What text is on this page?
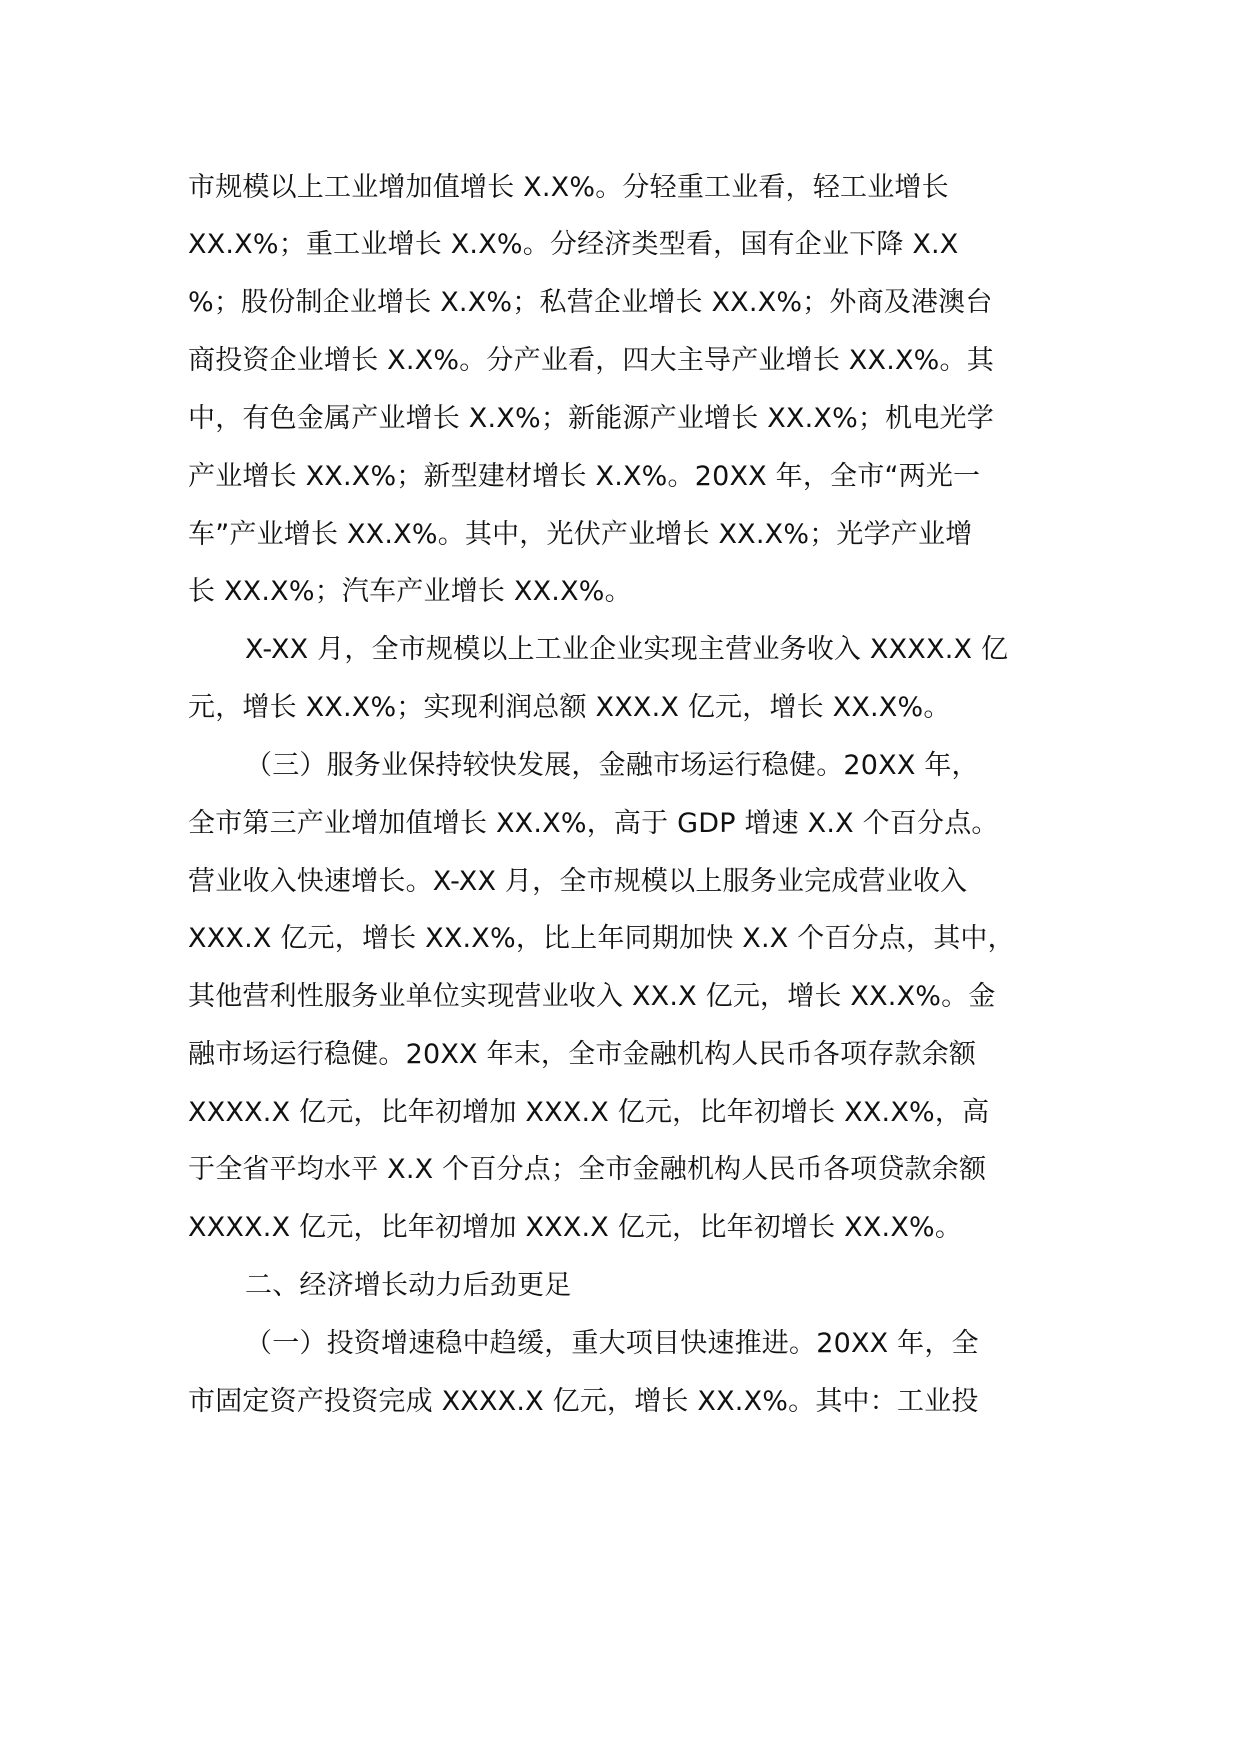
市规模以上工业增加值增长 X.X%。分轻重工业看，轻工业增长
XX.X%；重工业增长 X.X%。分经济类型看，国有企业下降 X.X
%；股份制企业增长 X.X%；私营企业增长 XX.X%；外商及港澳台
商投资企业增长 X.X%。分产业看，四大主导产业增长 XX.X%。其
中，有色金属产业增长 X.X%；新能源产业增长 XX.X%；机电光学
产业增长 XX.X%；新型建材增长 X.X%。20XX 年，全市“两光一
车”产业增长 XX.X%。其中，光伏产业增长 XX.X%；光学产业增
长 XX.X%；汽车产业增长 XX.X%。
X-XX 月，全市规模以上工业企业实现主营业务收入 XXXX.X 亿
元，增长 XX.X%；实现利润总额 XXX.X 亿元，增长 XX.X%。
（三）服务业保持较快发展，金融市场运行稳健。20XX 年，
全市第三产业增加值增长 XX.X%，高于 GDP 增速 X.X 个百分点。
营业收入快速增长。X-XX 月，全市规模以上服务业完成营业收入
XXX.X 亿元，增长 XX.X%，比上年同期加快 X.X 个百分点，其中，
其他营利性服务业单位实现营业收入 XX.X 亿元，增长 XX.X%。金
融市场运行稳健。20XX 年末，全市金融机构人民币各项存款余额
XXXX.X 亿元，比年初增加 XXX.X 亿元，比年初增长 XX.X%，高
于全省平均水平 X.X 个百分点；全市金融机构人民币各项贷款余额
XXXX.X 亿元，比年初增加 XXX.X 亿元，比年初增长 XX.X%。
二、经济增长动力后劲更足
（一）投资增速稳中趋缓，重大项目快速推进。20XX 年，全
市固定资产投资完成 XXXX.X 亿元，增长 XX.X%。其中：工业投
